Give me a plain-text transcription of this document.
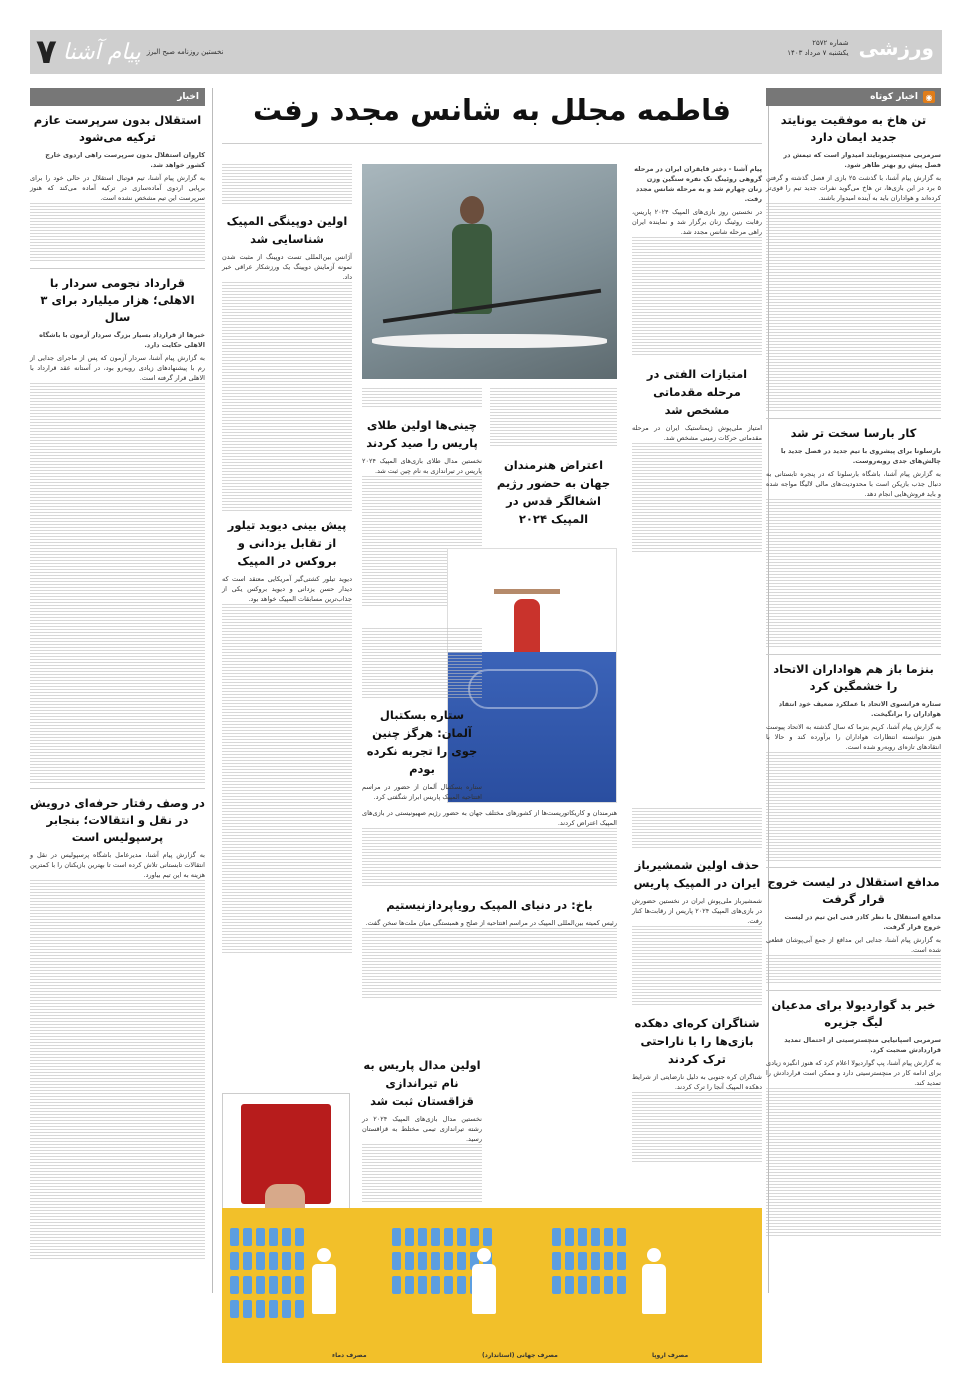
ورزشی
شماره ۲۵۷۲
یکشنبه ۷ مرداد ۱۴۰۳
نخستین روزنامه صبح البرز
پیام آشنا
۷
◉
اخبار کوتاه
تن هاخ به موفقیت یونایتد جدید ایمان دارد
سرمربی منچستریونایتد امیدوار است که تیمش در فصل پیش رو بهتر ظاهر شود.
به گزارش پیام آشنا، با گذشت ۲۵ بازی از فصل گذشته و گرفتن ۵ برد در این بازی‌ها، تن هاخ می‌گوید نفرات جدید تیم را قوی‌تر کرده‌اند و هواداران باید به آینده امیدوار باشند.
کار بارسا سخت تر شد
بارسلونا برای پیشروی با تیم جدید در فصل جدید با چالش‌های جدی روبه‌روست.
به گزارش پیام آشنا، باشگاه بارسلونا که در پنجره تابستانی به دنبال جذب بازیکن است با محدودیت‌های مالی لالیگا مواجه شده و باید فروش‌هایی انجام دهد.
بنزما باز هم هواداران الاتحاد را خشمگین کرد
ستاره فرانسوی الاتحاد با عملکرد ضعیف خود انتقاد هواداران را برانگیخت.
به گزارش پیام آشنا، کریم بنزما که سال گذشته به الاتحاد پیوست هنوز نتوانسته انتظارات هواداران را برآورده کند و حالا با انتقادهای تازه‌ای روبه‌رو شده است.
مدافع استقلال در لیست خروج قرار گرفت
مدافع استقلال با نظر کادر فنی این تیم در لیست خروج قرار گرفت.
به گزارش پیام آشنا، جدایی این مدافع از جمع آبی‌پوشان قطعی شده است.
خبر بد گواردیولا برای مدعیان لیگ جزیره
سرمربی اسپانیایی منچسترسیتی از احتمال تمدید قراردادش صحبت کرد.
به گزارش پیام آشنا، پپ گواردیولا اعلام کرد که هنوز انگیزه زیادی برای ادامه کار در منچسترسیتی دارد و ممکن است قراردادش را تمدید کند.
اخبار
استقلال بدون سرپرست عازم ترکیه می‌شود
کاروان استقلال بدون سرپرست راهی اردوی خارج کشور خواهد شد.
به گزارش پیام آشنا، تیم فوتبال استقلال در حالی خود را برای برپایی اردوی آماده‌سازی در ترکیه آماده می‌کند که هنوز سرپرست این تیم مشخص نشده است.
قرارداد نجومی سردار با الاهلی؛ هزار میلیارد برای ۳ سال
خبرها از قرارداد بسیار بزرگ سردار آزمون با باشگاه الاهلی حکایت دارد.
به گزارش پیام آشنا، سردار آزمون که پس از ماجرای جدایی از رم با پیشنهادهای زیادی روبه‌رو بود، در آستانه عقد قرارداد با الاهلی قرار گرفته است.
در وصف رفتار حرفه‌ای درویش در نقل و انتقالات؛ بنجابر پرسپولیس است
به گزارش پیام آشنا، مدیرعامل باشگاه پرسپولیس در نقل و انتقالات تابستانی تلاش کرده است تا بهترین بازیکنان را با کمترین هزینه به این تیم بیاورد.
فاطمه مجلل به شانس مجدد رفت
پیام آشنا - دختر قایقران ایران در مرحله گروهی روئینگ تک نفره سنگین وزن زنان چهارم شد و به مرحله شانس مجدد رفت.
در نخستین روز بازی‌های المپیک ۲۰۲۴ پاریس، رقابت روئینگ زنان برگزار شد و نماینده ایران راهی مرحله شانس مجدد شد.
امتیازات الفتی در مرحله مقدماتی مشخص شد
امتیاز ملی‌پوش ژیمناستیک ایران در مرحله مقدماتی حرکات زمینی مشخص شد.
اولین دوپینگی المپیک شناسایی شد
آژانس بین‌المللی تست دوپینگ از مثبت شدن نمونه آزمایش دوپینگ یک ورزشکار عراقی خبر داد.
چینی‌ها اولین طلای پاریس را صید کردند
نخستین مدال طلای بازی‌های المپیک ۲۰۲۴ پاریس در تیراندازی به نام چین ثبت شد.	اعتراض هنرمندان جهان به حضور رژیم اشغالگر قدس در المپیک ۲۰۲۴
حذف اولین شمشیرباز ایران در المپیک پاریس
شمشیرباز ملی‌پوش ایران در نخستین حضورش در بازی‌های المپیک ۲۰۲۴ پاریس از رقابت‌ها کنار رفت.
شناگران کره‌ای دهکده بازی‌ها را با ناراحتی ترک کردند
شناگران کره جنوبی به دلیل نارضایتی از شرایط دهکده المپیک آنجا را ترک کردند.
هنرمندان و کاریکاتوریست‌ها از کشورهای مختلف جهان به حضور رژیم صهیونیستی در بازی‌های المپیک اعتراض کردند.
باخ: در دنیای المپیک رویاپردازنیستیم
رئیس کمیته بین‌المللی المپیک در مراسم افتتاحیه از صلح و همبستگی میان ملت‌ها سخن گفت.
پیش بینی دیوید تیلور از تقابل یزدانی و بروکس در المپیک
دیوید تیلور کشتی‌گیر آمریکایی معتقد است که دیدار حسن یزدانی و دیوید بروکس یکی از جذاب‌ترین مسابقات المپیک خواهد بود.
ستاره بسکتبال آلمان: هرگز چنین جوی را تجربه نکرده بودم
ستاره بسکتبال آلمان از حضور در مراسم افتتاحیه المپیک پاریس ابراز شگفتی کرد.
اولین مدال پاریس به نام تیراندازی قزاقستان ثبت شد
نخستین مدال بازی‌های المپیک ۲۰۲۴ در رشته تیراندازی تیمی مختلط به قزاقستان رسید.
مصرف دماء	مصرف جهانی (استاندارد)	مصرف اروپا
